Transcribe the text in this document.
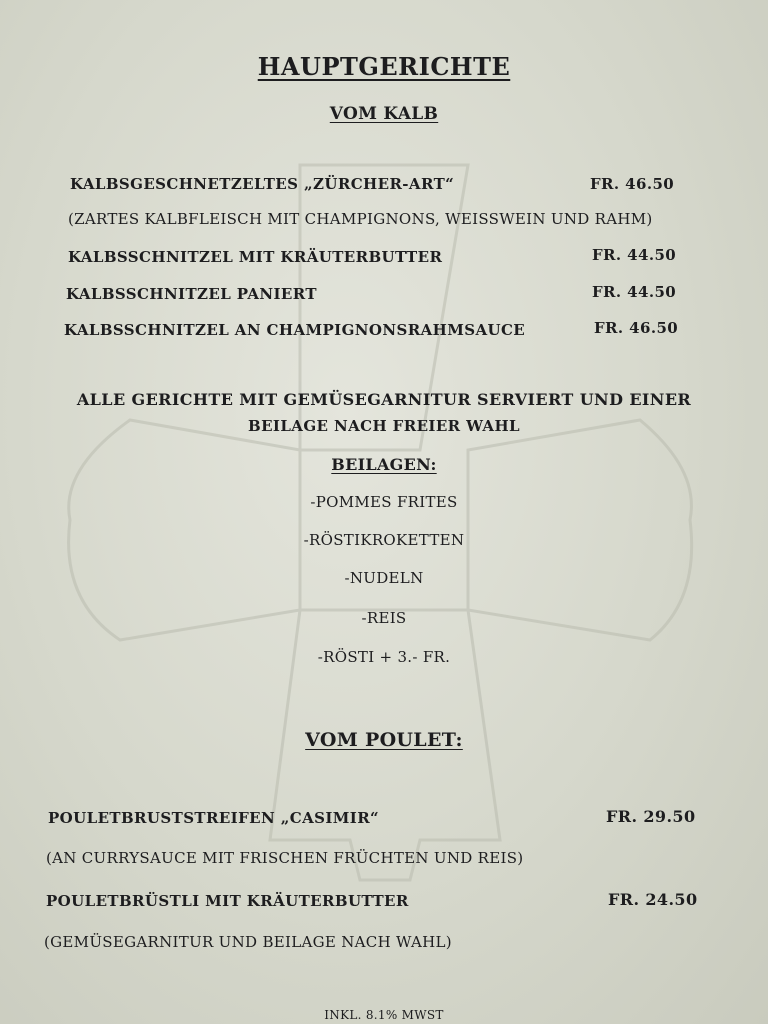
HAUPTGERICHTE
VOM KALB
KALBSGESCHNETZELTES „ZÜRCHER-ART“	FR. 46.50
(ZARTES KALBFLEISCH MIT CHAMPIGNONS, WEISSWEIN UND RAHM)
KALBSSCHNITZEL MIT KRÄUTERBUTTER	FR. 44.50
KALBSSCHNITZEL PANIERT	FR. 44.50
KALBSSCHNITZEL AN CHAMPIGNONSRAHMSAUCE	FR. 46.50
ALLE GERICHTE MIT GEMÜSEGARNITUR SERVIERT UND EINER
BEILAGE NACH FREIER WAHL
BEILAGEN:
-POMMES FRITES
-RÖSTIKROKETTEN
-NUDELN
-REIS
-RÖSTI + 3.- FR.
VOM POULET:
POULETBRUSTSTREIFEN „CASIMIR“	FR. 29.50
(AN CURRYSAUCE MIT FRISCHEN FRÜCHTEN UND REIS)
POULETBRÜSTLI MIT KRÄUTERBUTTER	FR. 24.50
(GEMÜSEGARNITUR UND BEILAGE NACH WAHL)
INKL. 8.1% MWST
